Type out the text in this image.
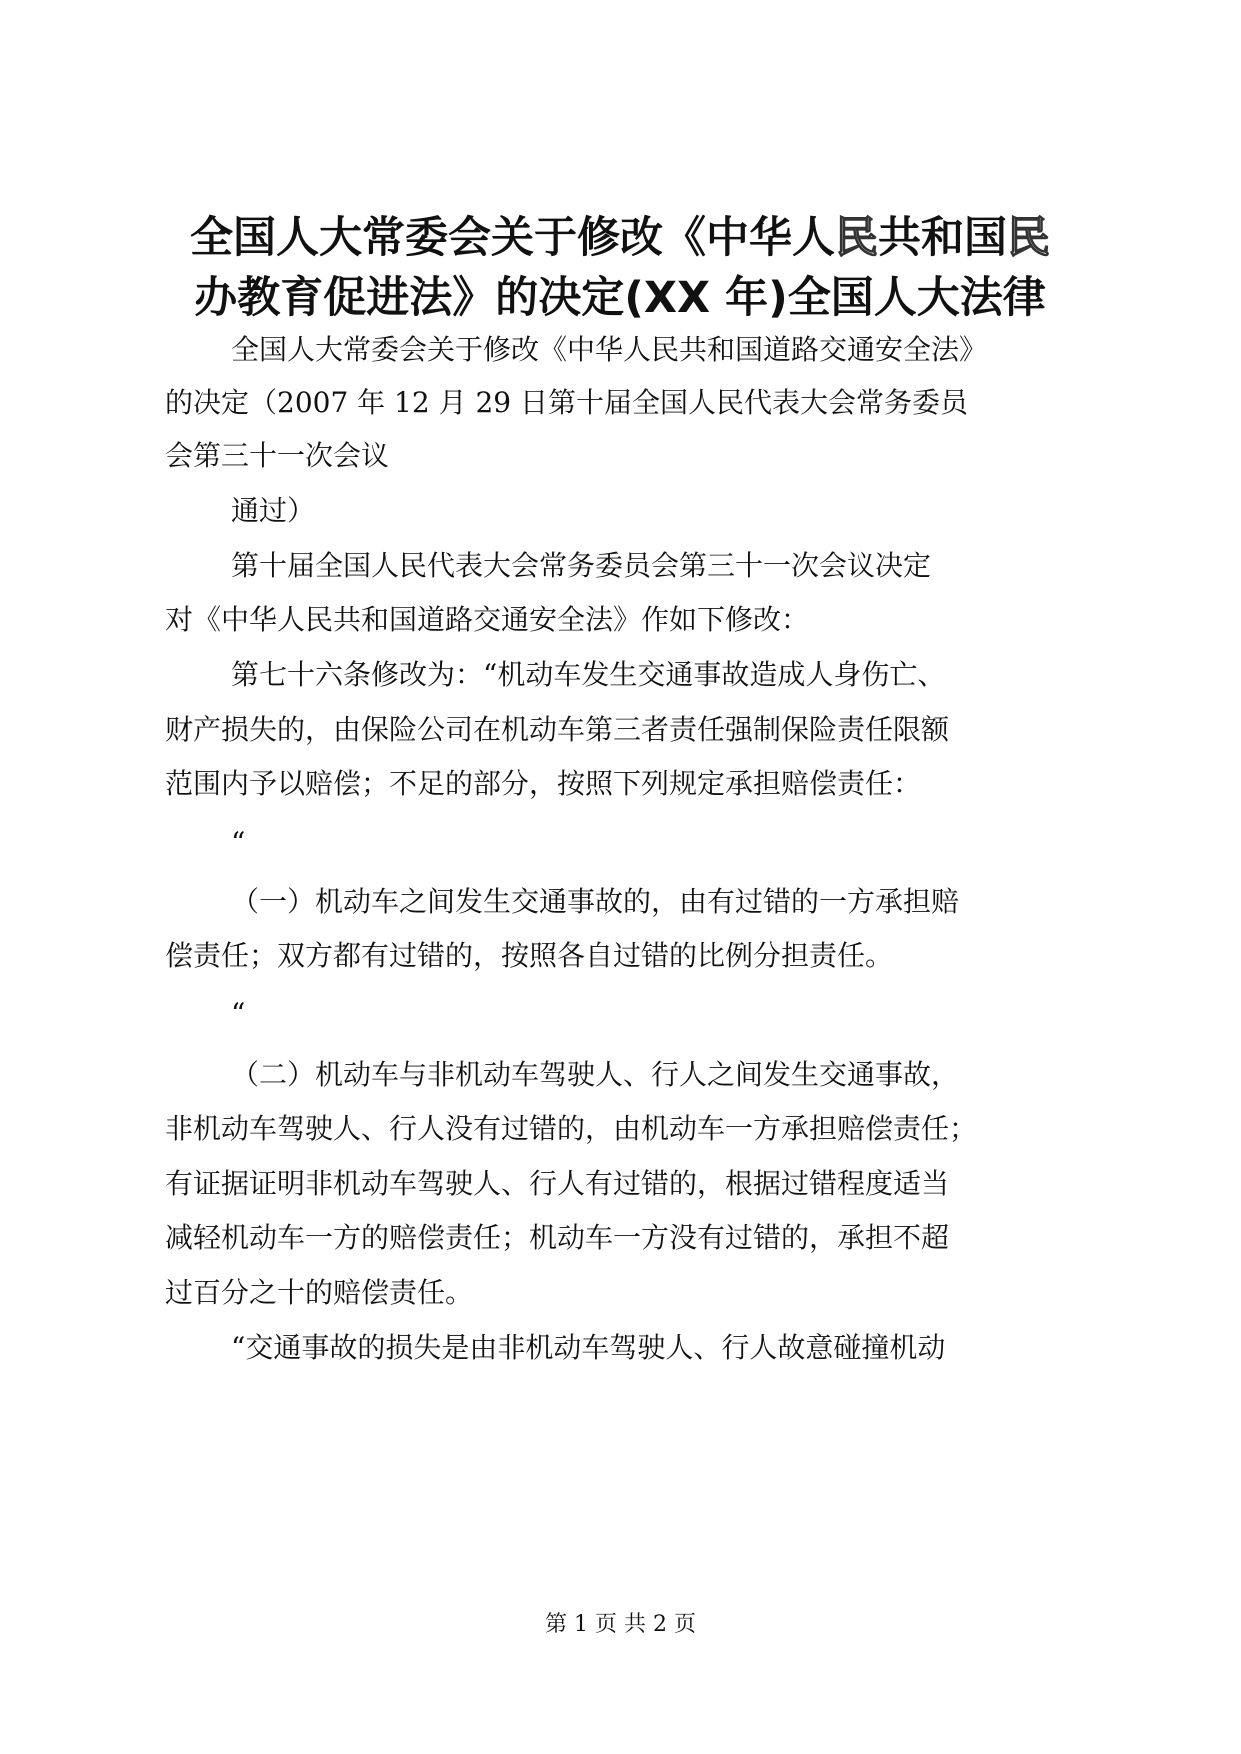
全国人大常委会关于修改《中华人民共和国民
办教育促进法》的决定(XX 年)全国人大法律
全国人大常委会关于修改《中华人民共和国道路交通安全法》
的决定（2007 年 12 月 29 日第十届全国人民代表大会常务委员
会第三十一次会议
通过）
第十届全国人民代表大会常务委员会第三十一次会议决定
对《中华人民共和国道路交通安全法》作如下修改：
第七十六条修改为：“机动车发生交通事故造成人身伤亡、
财产损失的，由保险公司在机动车第三者责任强制保险责任限额
范围内予以赔偿；不足的部分，按照下列规定承担赔偿责任：
“
（一）机动车之间发生交通事故的，由有过错的一方承担赔
偿责任；双方都有过错的，按照各自过错的比例分担责任。
“
（二）机动车与非机动车驾驶人、行人之间发生交通事故，
非机动车驾驶人、行人没有过错的，由机动车一方承担赔偿责任；
有证据证明非机动车驾驶人、行人有过错的，根据过错程度适当
减轻机动车一方的赔偿责任；机动车一方没有过错的，承担不超
过百分之十的赔偿责任。
“交通事故的损失是由非机动车驾驶人、行人故意碰撞机动
第 1 页 共 2 页
